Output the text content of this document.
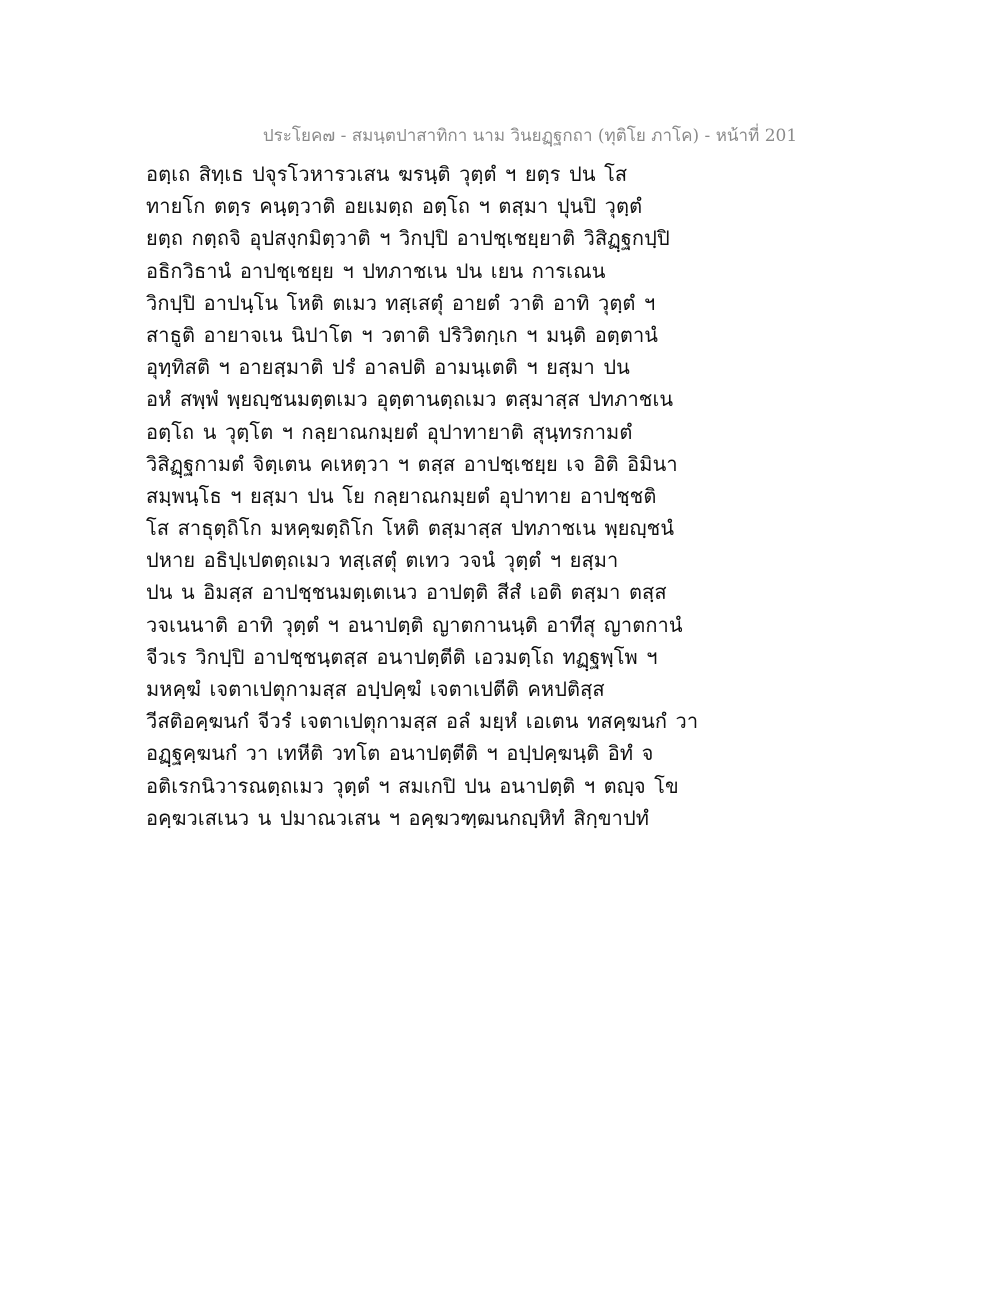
ประโยค๗ - สมนฺตปาสาทิกา นาม วินยฏฺฐกถา (ทุติโย ภาโค) - หน้าที่ 201
อตฺเถ สิทฺเธ ปจุรโวหารวเสน ฆรนฺติ วุตฺตํ ฯ ยตฺร ปน โส
ทายโก ตตฺร คนฺตฺวาติ อยเมตฺถ อตฺโถ ฯ ตสฺมา ปุนปิ วุตฺตํ
ยตฺถ กตฺถจิ อุปสงฺกมิตฺวาติ ฯ วิกปฺปิ อาปชฺเชยฺยาติ วิสิฏฺฐกปฺปิ
อธิกวิธานํ อาปชฺเชยฺย ฯ ปทภาชเน ปน เยน การเณน
วิกปฺปิ อาปนฺโน โหติ ตเมว ทสฺเสตุํ อายตํ วาติ อาทิ วุตฺตํ ฯ
สาธูติ อายาจเน นิปาโต ฯ วตาติ ปริวิตกฺเก ฯ มนฺติ อตฺตานํ
อุทฺทิสติ ฯ อายสฺมาติ ปรํ อาลปติ อามนฺเตติ ฯ ยสฺมา ปน
อหํ สพฺพํ พฺยญฺชนมตฺตเมว อุตฺตานตฺถเมว ตสฺมาสฺส ปทภาชเน
อตฺโถ น วุตฺโต ฯ กลฺยาณกมฺยตํ อุปาทายาติ สุนฺทรกามตํ
วิสิฏฺฐกามตํ จิตฺเตน คเหตฺวา ฯ ตสฺส อาปชฺเชยฺย เจ อิติ อิมินา
สมฺพนฺโธ ฯ ยสฺมา ปน โย กลฺยาณกมฺยตํ อุปาทาย อาปชฺชติ
โส สาธุตฺถิโก มหคฺฆตฺถิโก โหติ ตสฺมาสฺส ปทภาชเน พฺยญฺชนํ
ปหาย อธิปฺเปตตฺถเมว ทสฺเสตุํ ตเทว วจนํ วุตฺตํ ฯ ยสฺมา
ปน น อิมสฺส อาปชฺชนมตฺเตเนว อาปตฺติ สีสํ เอติ ตสฺมา ตสฺส
วจเนนาติ อาทิ วุตฺตํ ฯ อนาปตฺติ ญาตกานนฺติ อาทีสุ ญาตกานํ
จีวเร วิกปฺปิ อาปชฺชนฺตสฺส อนาปตฺตีติ เอวมตฺโถ ทฏฺฐพฺโพ ฯ
มหคฺฆํ เจตาเปตุกามสฺส อปฺปคฺฆํ เจตาเปตีติ คหปติสฺส
วีสติอคฺฆนกํ จีวรํ เจตาเปตุกามสฺส อลํ มยฺหํ เอเตน ทสคฺฆนกํ วา
อฏฺฐคฺฆนกํ วา เทหีติ วทโต อนาปตฺตีติ ฯ อปฺปคฺฆนฺติ อิทํ จ
อติเรกนิวารณตฺถเมว วุตฺตํ ฯ สมเกปิ ปน อนาปตฺติ ฯ ตญฺจ โข
อคฺฆวเสเนว น ปมาณวเสน ฯ อคฺฆวฑฺฒนกญฺหิทํ สิกฺขาปทํ
